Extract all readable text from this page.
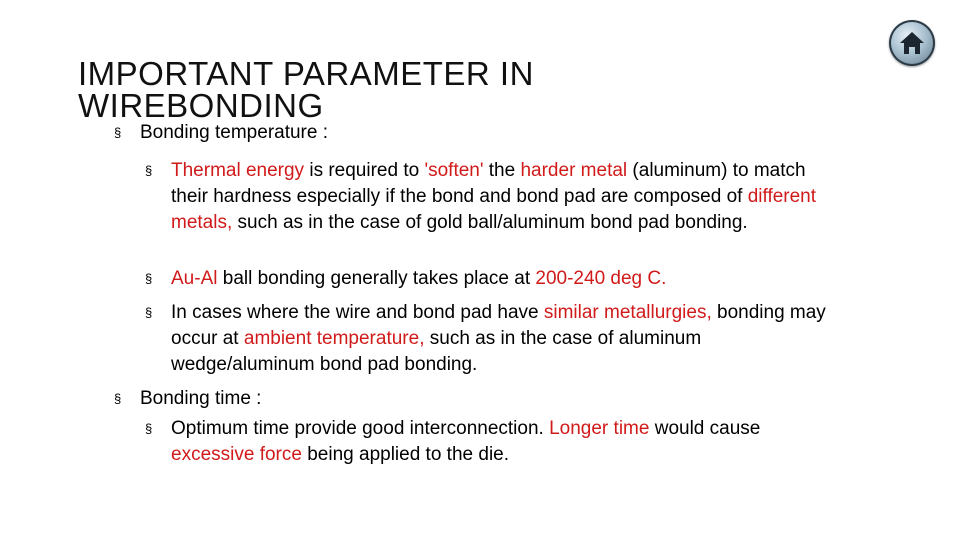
IMPORTANT PARAMETER IN WIREBONDING
§ Bonding temperature :
§ Thermal energy is required to 'soften' the harder metal (aluminum) to match their hardness especially if the bond and bond pad are composed of different metals, such as in the case of gold ball/aluminum bond pad bonding.
§ Au-Al ball bonding generally takes place at 200-240 deg C.
§ In cases where the wire and bond pad have similar metallurgies, bonding may occur at ambient temperature, such as in the case of aluminum wedge/aluminum bond pad bonding.
§ Bonding time :
§ Optimum time provide good interconnection. Longer time would cause excessive force being applied to the die.
